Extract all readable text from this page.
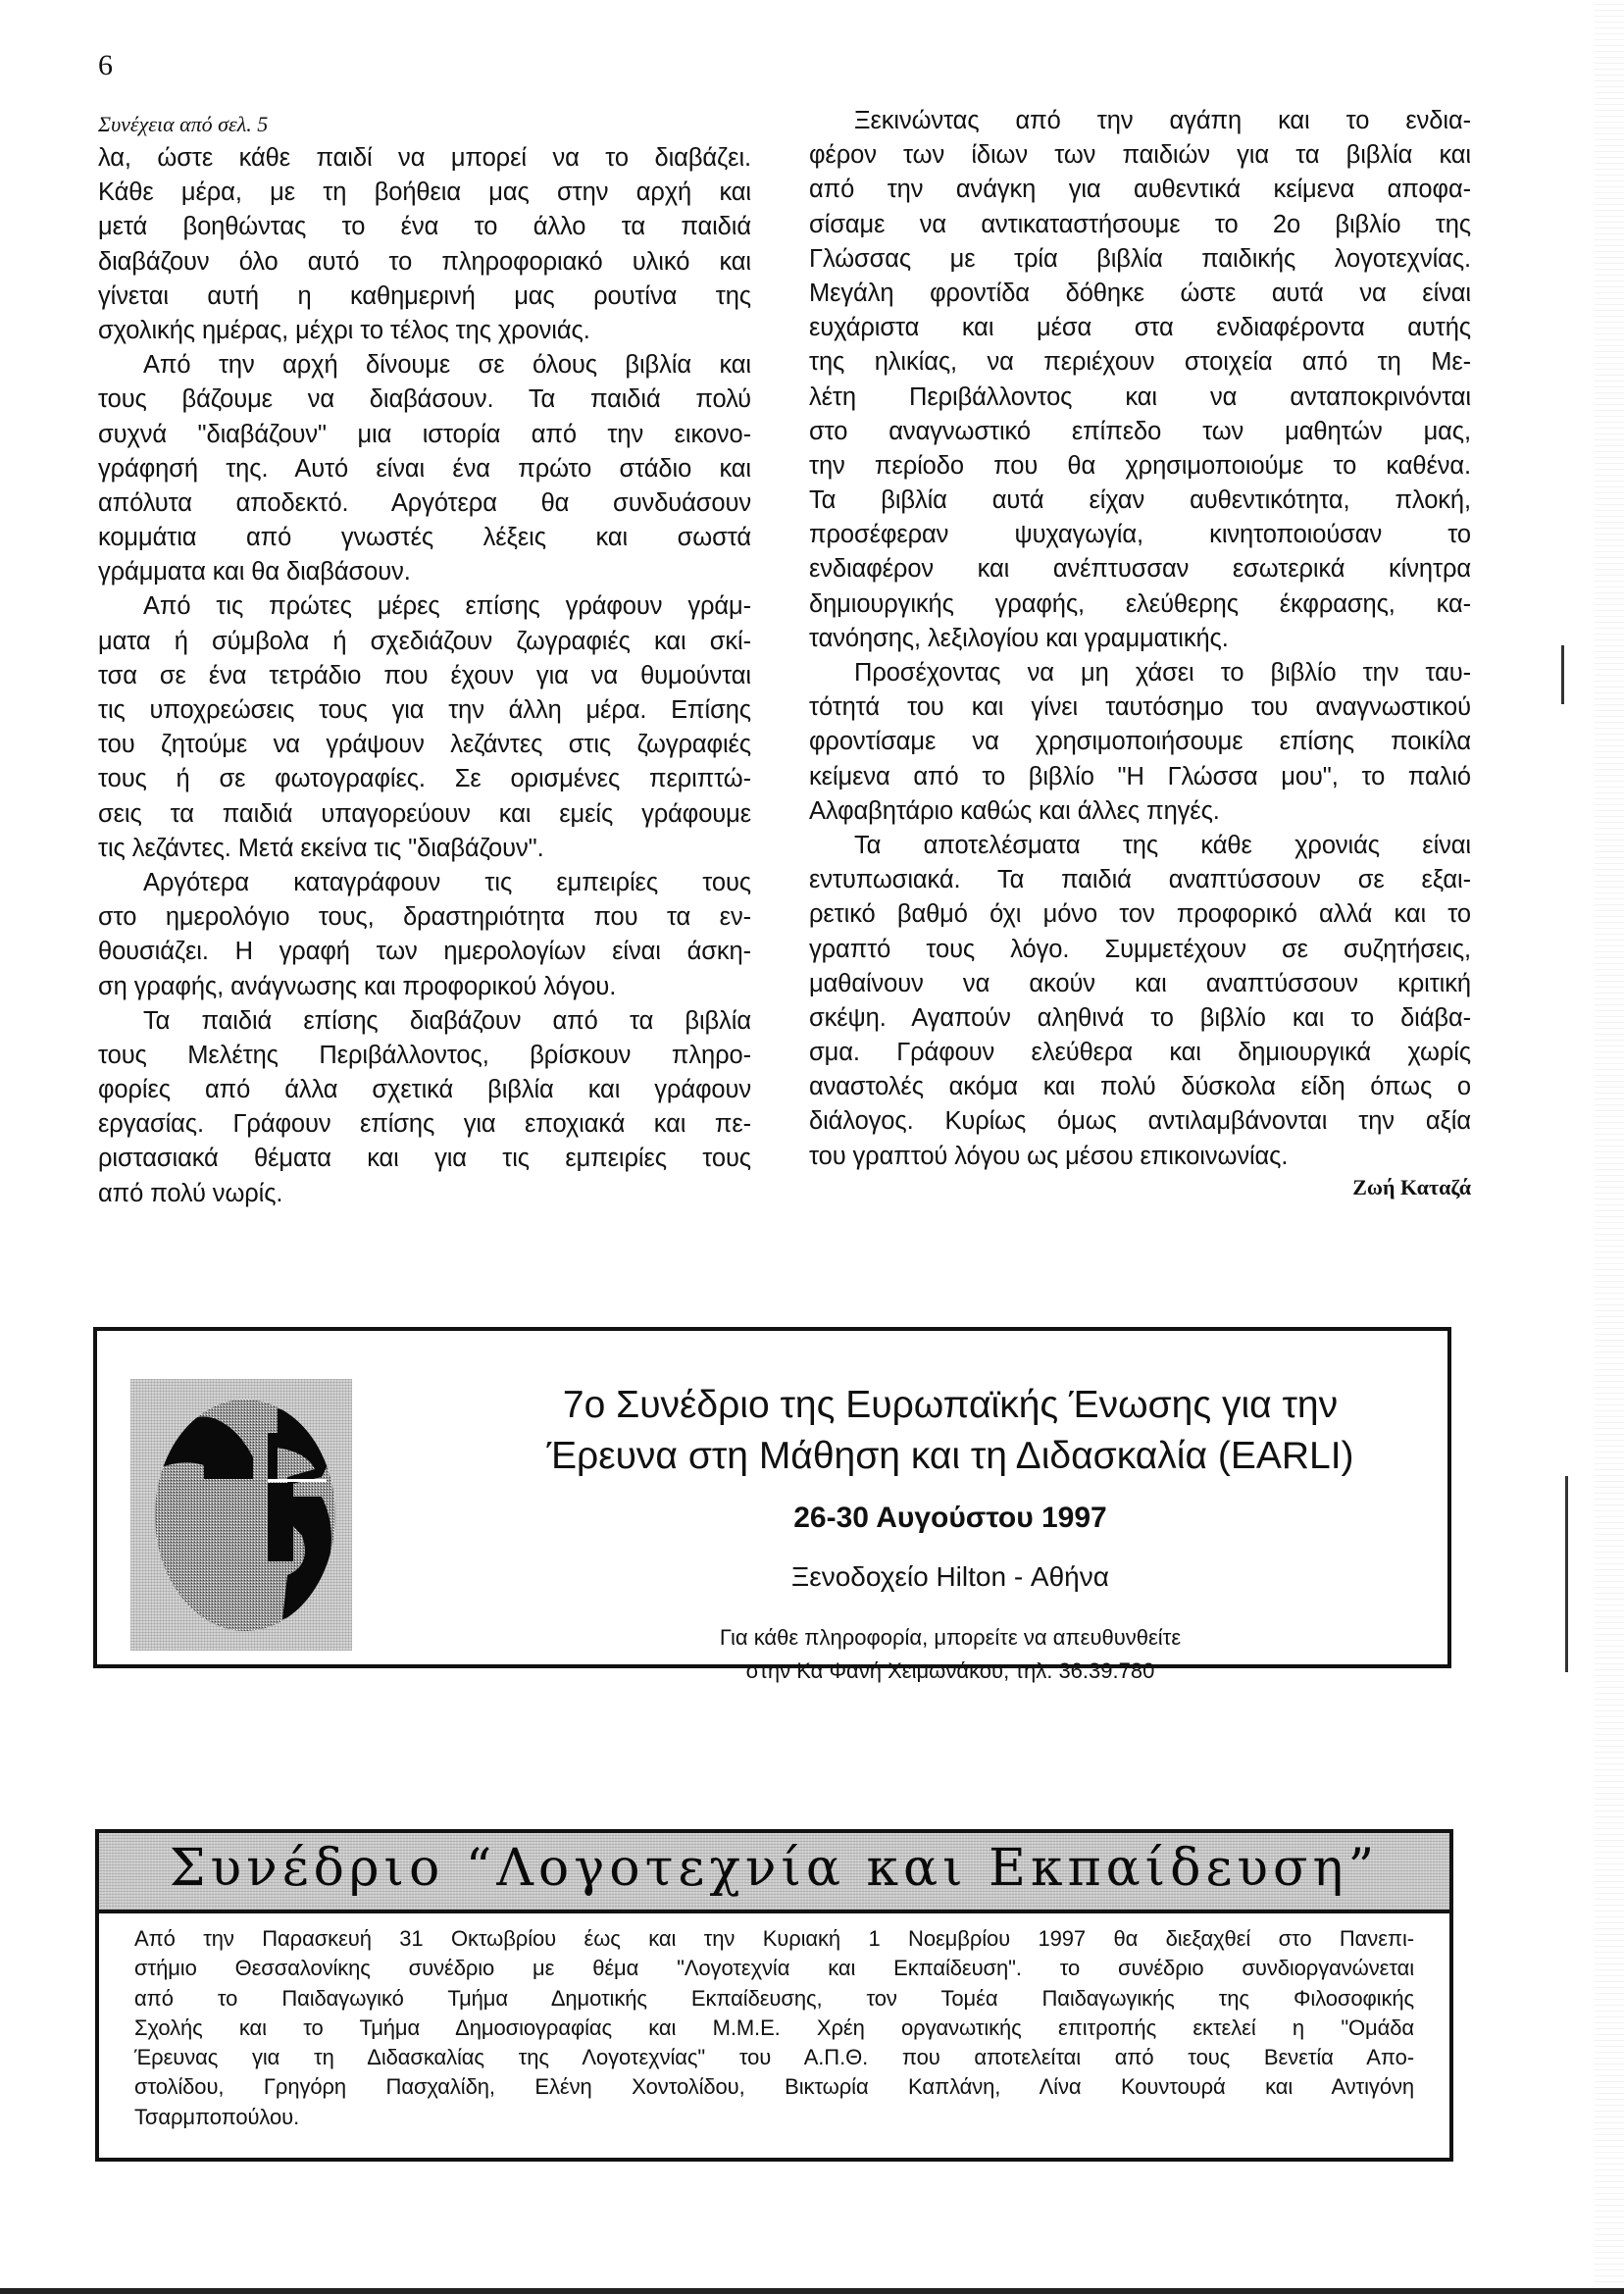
6
Συνέχεια από σελ. 5
λα, ώστε κάθε παιδί να μπορεί να το διαβάζει.
Κάθε μέρα, με τη βοήθεια μας στην αρχή και
μετά βοηθώντας το ένα το άλλο τα παιδιά
διαβάζουν όλο αυτό το πληροφοριακό υλικό και
γίνεται αυτή η καθημερινή μας ρουτίνα της
σχολικής ημέρας, μέχρι το τέλος της χρονιάς.
Από την αρχή δίνουμε σε όλους βιβλία και
τους βάζουμε να διαβάσουν. Τα παιδιά πολύ
συχνά "διαβάζουν" μια ιστορία από την εικονο-
γράφησή της. Αυτό είναι ένα πρώτο στάδιο και
απόλυτα αποδεκτό. Αργότερα θα συνδυάσουν
κομμάτια από γνωστές λέξεις και σωστά
γράμματα και θα διαβάσουν.
Από τις πρώτες μέρες επίσης γράφουν γράμ-
ματα ή σύμβολα ή σχεδιάζουν ζωγραφιές και σκί-
τσα σε ένα τετράδιο που έχουν για να θυμούνται
τις υποχρεώσεις τους για την άλλη μέρα. Επίσης
του ζητούμε να γράψουν λεζάντες στις ζωγραφιές
τους ή σε φωτογραφίες. Σε ορισμένες περιπτώ-
σεις τα παιδιά υπαγορεύουν και εμείς γράφουμε
τις λεζάντες. Μετά εκείνα τις "διαβάζουν".
Αργότερα καταγράφουν τις εμπειρίες τους
στο ημερολόγιο τους, δραστηριότητα που τα εν-
θουσιάζει. Η γραφή των ημερολογίων είναι άσκη-
ση γραφής, ανάγνωσης και προφορικού λόγου.
Τα παιδιά επίσης διαβάζουν από τα βιβλία
τους Μελέτης Περιβάλλοντος, βρίσκουν πληρο-
φορίες από άλλα σχετικά βιβλία και γράφουν
εργασίας. Γράφουν επίσης για εποχιακά και πε-
ριστασιακά θέματα και για τις εμπειρίες τους
από πολύ νωρίς.
Ξεκινώντας από την αγάπη και το ενδια-
φέρον των ίδιων των παιδιών για τα βιβλία και
από την ανάγκη για αυθεντικά κείμενα αποφα-
σίσαμε να αντικαταστήσουμε το 2ο βιβλίο της
Γλώσσας με τρία βιβλία παιδικής λογοτεχνίας.
Μεγάλη φροντίδα δόθηκε ώστε αυτά να είναι
ευχάριστα και μέσα στα ενδιαφέροντα αυτής
της ηλικίας, να περιέχουν στοιχεία από τη Με-
λέτη Περιβάλλοντος και να ανταποκρινόνται
στο αναγνωστικό επίπεδο των μαθητών μας,
την περίοδο που θα χρησιμοποιούμε το καθένα.
Τα βιβλία αυτά είχαν αυθεντικότητα, πλοκή,
προσέφεραν ψυχαγωγία, κινητοποιούσαν το
ενδιαφέρον και ανέπτυσσαν εσωτερικά κίνητρα
δημιουργικής γραφής, ελεύθερης έκφρασης, κα-
τανόησης, λεξιλογίου και γραμματικής.
Προσέχοντας να μη χάσει το βιβλίο την ταυ-
τότητά του και γίνει ταυτόσημο του αναγνωστικού
φροντίσαμε να χρησιμοποιήσουμε επίσης ποικίλα
κείμενα από το βιβλίο "Η Γλώσσα μου", το παλιό
Αλφαβητάριο καθώς και άλλες πηγές.
Τα αποτελέσματα της κάθε χρονιάς είναι
εντυπωσιακά. Τα παιδιά αναπτύσσουν σε εξαι-
ρετικό βαθμό όχι μόνο τον προφορικό αλλά και το
γραπτό τους λόγο. Συμμετέχουν σε συζητήσεις,
μαθαίνουν να ακούν και αναπτύσσουν κριτική
σκέψη. Αγαπούν αληθινά το βιβλίο και το διάβα-
σμα. Γράφουν ελεύθερα και δημιουργικά χωρίς
αναστολές ακόμα και πολύ δύσκολα είδη όπως ο
διάλογος. Κυρίως όμως αντιλαμβάνονται την αξία
του γραπτού λόγου ως μέσου επικοινωνίας.
Ζωή Καταζά
7ο Συνέδριο της Ευρωπαϊκής Ένωσης για την
Έρευνα στη Μάθηση και τη Διδασκαλία (EARLI)
26-30 Αυγούστου 1997
Ξενοδοχείο Hilton - Αθήνα
Για κάθε πληροφορία, μπορείτε να απευθυνθείτε
στην Κα Φανή Χειμωνάκου, τηλ. 36.39.780
Συνέδριο “Λογοτεχνία και Εκπαίδευση”
Από την Παρασκευή 31 Οκτωβρίου έως και την Κυριακή 1 Νοεμβρίου 1997 θα διεξαχθεί στο Πανεπι-
στήμιο Θεσσαλονίκης συνέδριο με θέμα "Λογοτεχνία και Εκπαίδευση". το συνέδριο συνδιοργανώνεται
από το Παιδαγωγικό Τμήμα Δημοτικής Εκπαίδευσης, τον Τομέα Παιδαγωγικής της Φιλοσοφικής
Σχολής και το Τμήμα Δημοσιογραφίας και Μ.Μ.Ε. Χρέη οργανωτικής επιτροπής εκτελεί η "Ομάδα
Έρευνας για τη Διδασκαλίας της Λογοτεχνίας" του Α.Π.Θ. που αποτελείται από τους Βενετία Απο-
στολίδου, Γρηγόρη Πασχαλίδη, Ελένη Χοντολίδου, Βικτωρία Καπλάνη, Λίνα Κουντουρά και Αντιγόνη
Τσαρμποπούλου.
